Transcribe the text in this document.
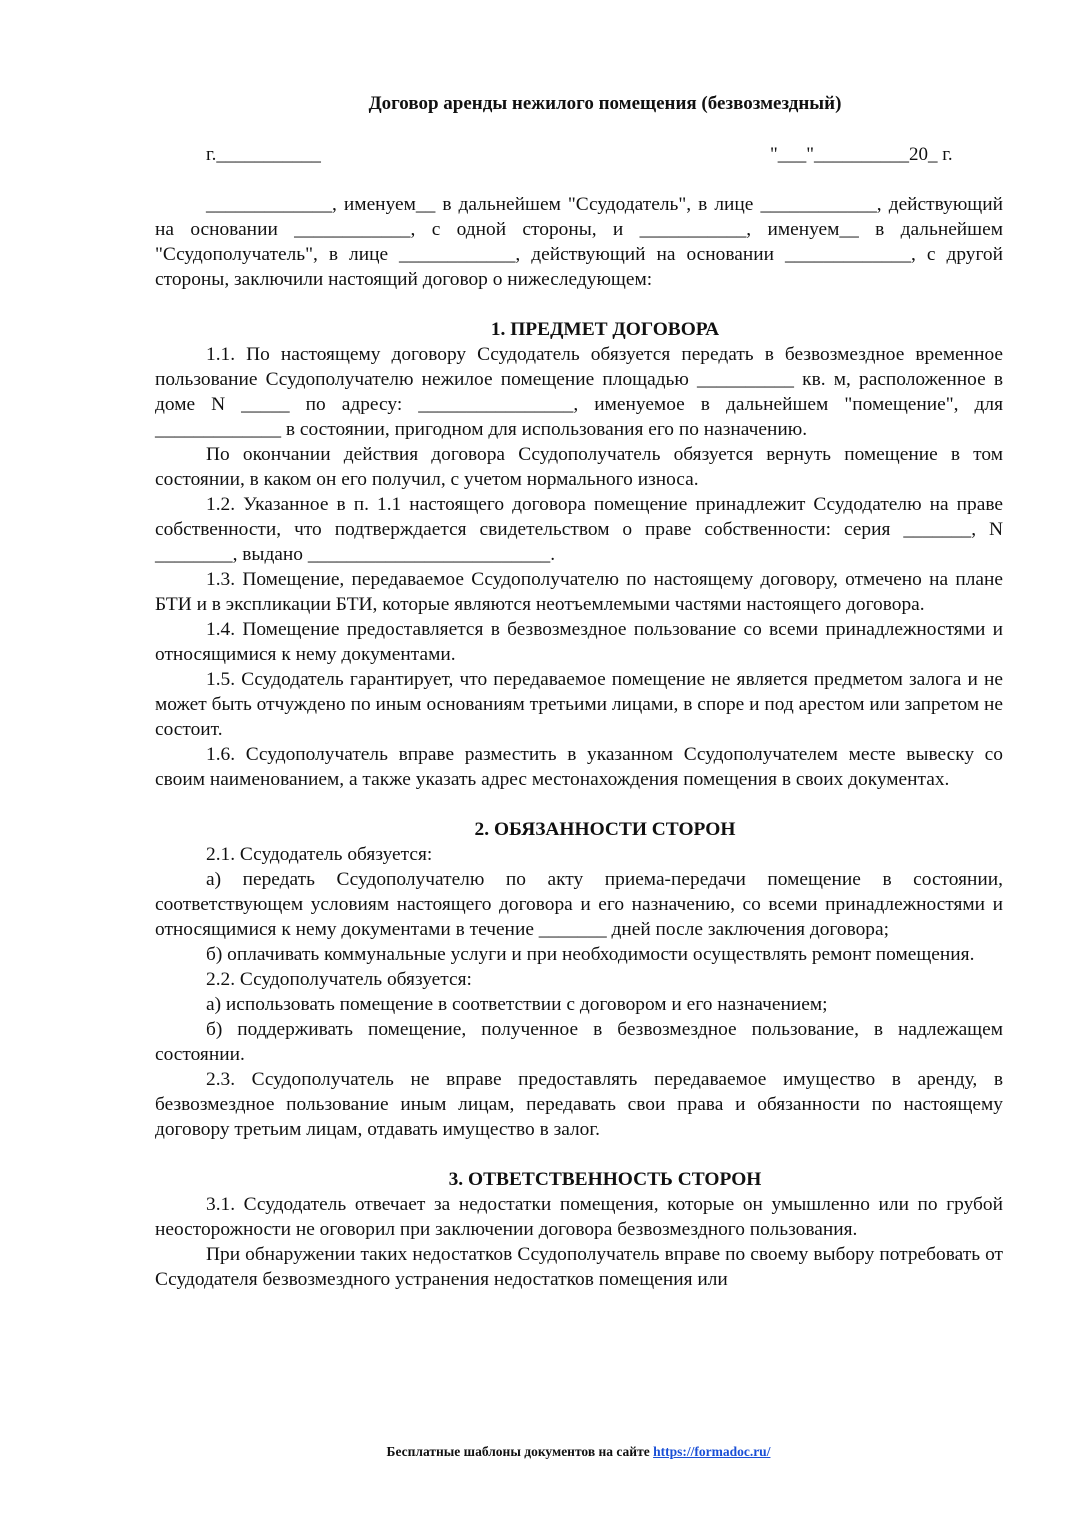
Договор аренды нежилого помещения (безвозмездный)
г.___________	"___"__________20_ г.

_____________, именуем__ в дальнейшем "Ссудодатель", в лице ____________, действующий на основании ____________, с одной стороны, и ___________, именуем__ в дальнейшем "Ссудополучатель", в лице ____________, действующий на основании _____________, с другой стороны, заключили настоящий договор о нижеследующем:

1. ПРЕДМЕТ ДОГОВОРА

1.1. По настоящему договору Ссудодатель обязуется передать в безвозмездное временное пользование Ссудополучателю нежилое помещение площадью __________ кв. м, расположенное в доме N _____ по адресу: ________________, именуемое в дальнейшем "помещение", для _____________ в состоянии, пригодном для использования его по назначению.

По окончании действия договора Ссудополучатель обязуется вернуть помещение в том состоянии, в каком он его получил, с учетом нормального износа.

1.2. Указанное в п. 1.1 настоящего договора помещение принадлежит Ссудодателю на праве собственности, что подтверждается свидетельством о праве собственности: серия _______, N ________, выдано _________________________.

1.3. Помещение, передаваемое Ссудополучателю по настоящему договору, отмечено на плане БТИ и в экспликации БТИ, которые являются неотъемлемыми частями настоящего договора.

1.4. Помещение предоставляется в безвозмездное пользование со всеми принадлежностями и относящимися к нему документами.

1.5. Ссудодатель гарантирует, что передаваемое помещение не является предметом залога и не может быть отчуждено по иным основаниям третьими лицами, в споре и под арестом или запретом не состоит.

1.6. Ссудополучатель вправе разместить в указанном Ссудополучателем месте вывеску со своим наименованием, а также указать адрес местонахождения помещения в своих документах.

2. ОБЯЗАННОСТИ СТОРОН

2.1. Ссудодатель обязуется:

а) передать Ссудополучателю по акту приема-передачи помещение в состоянии, соответствующем условиям настоящего договора и его назначению, со всеми принадлежностями и относящимися к нему документами в течение _______ дней после заключения договора;

б) оплачивать коммунальные услуги и при необходимости осуществлять ремонт помещения.

2.2. Ссудополучатель обязуется:

а) использовать помещение в соответствии с договором и его назначением;

б) поддерживать помещение, полученное в безвозмездное пользование, в надлежащем состоянии.

2.3. Ссудополучатель не вправе предоставлять передаваемое имущество в аренду, в безвозмездное пользование иным лицам, передавать свои права и обязанности по настоящему договору третьим лицам, отдавать имущество в залог.

3. ОТВЕТСТВЕННОСТЬ СТОРОН

3.1. Ссудодатель отвечает за недостатки помещения, которые он умышленно или по грубой неосторожности не оговорил при заключении договора безвозмездного пользования.

При обнаружении таких недостатков Ссудополучатель вправе по своему выбору потребовать от Ссудодателя безвозмездного устранения недостатков помещения или

Бесплатные шаблоны документов на сайте https://formadoc.ru/
